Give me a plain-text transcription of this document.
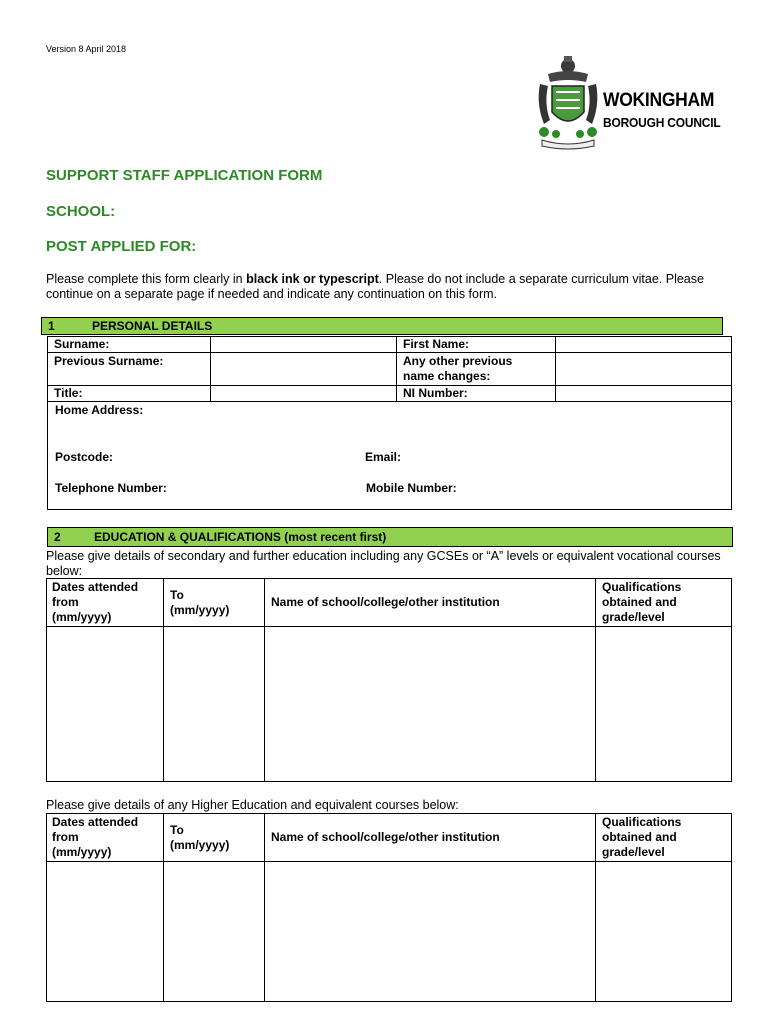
Version 8 April 2018
WOKINGHAM
BOROUGH COUNCIL
SUPPORT STAFF APPLICATION FORM
SCHOOL:
POST APPLIED FOR:
Please complete this form clearly in black ink or typescript. Please do not include a separate curriculum vitae. Please continue on a separate page if needed and indicate any continuation on this form.
1	PERSONAL DETAILS
Surname:		First Name:	
Previous Surname:		Any other previous
name changes:	
Title:		NI Number:	

Home Address:
Postcode: Email:
Telephone Number: Mobile Number:			
2	EDUCATION & QUALIFICATIONS (most recent first)
Please give details of secondary and further education including any GCSEs or “A” levels or equivalent vocational courses below:
Dates attended
from
(mm/yyyy)	To
(mm/yyyy)	Name of school/college/other institution	Qualifications
obtained and
grade/level

Please give details of any Higher Education and equivalent courses below:
Dates attended
from
(mm/yyyy)	To
(mm/yyyy)	Name of school/college/other institution	Qualifications
obtained and
grade/level
